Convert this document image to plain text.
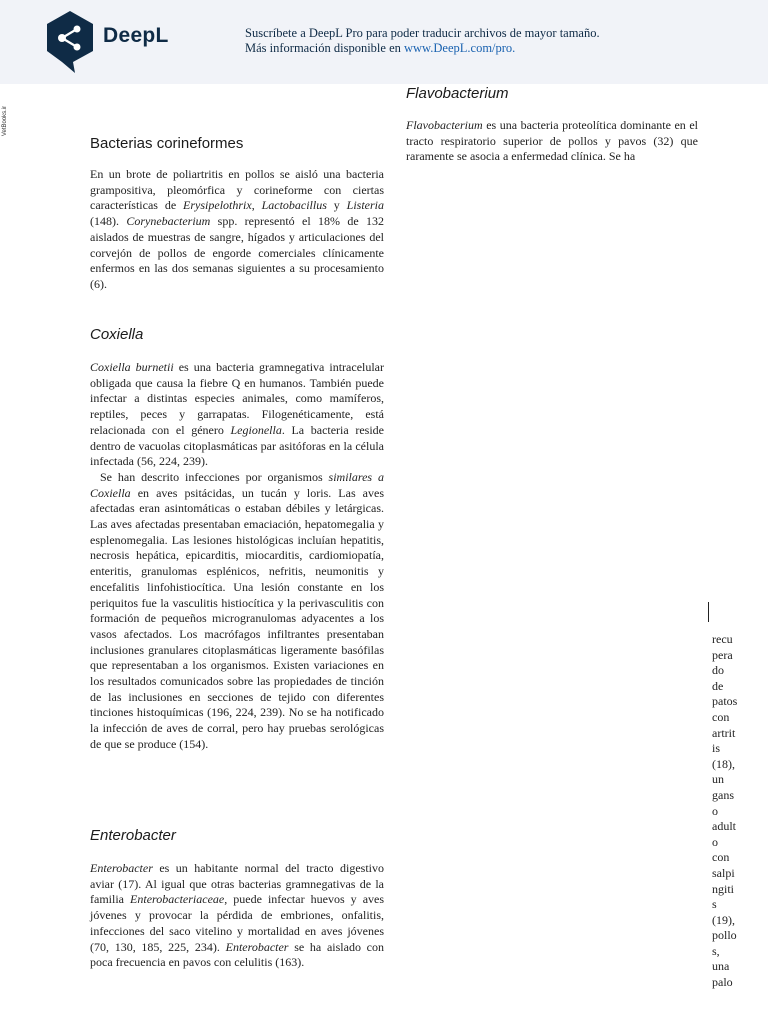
DeepL	Suscríbete a DeepL Pro para poder traducir archivos de mayor tamaño.
Más información disponible en www.DeepL.com/pro.
VetBooks.ir
Bacterias corineformes

En un brote de poliartritis en pollos se aisló una bacteria grampositiva, pleomórfica y corineforme con ciertas características de Erysipelothrix, Lactobacillus y Listeria (148). Corynebacterium spp. representó el 18% de 132 aislados de muestras de sangre, hígados y articulaciones del corvejón de pollos de engorde comerciales clínicamente enfermos en las dos semanas siguientes a su procesamiento (6).

Coxiella

Coxiella burnetii es una bacteria gramnegativa intracelular obligada que causa la fiebre Q en humanos. También puede infectar a distintas especies animales, como mamíferos, reptiles, peces y garrapatas. Filogenéticamente, está relacionada con el género Legionella. La bacteria reside dentro de vacuolas citoplasmáticas par asitóforas en la célula infectada (56, 224, 239).

Se han descrito infecciones por organismos similares a Coxiella en aves psitácidas, un tucán y loris. Las aves afectadas eran asintomáticas o estaban débiles y letárgicas. Las aves afectadas presentaban emaciación, hepatomegalia y esplenomegalia. Las lesiones histológicas incluían hepatitis, necrosis hepática, epicarditis, miocarditis, cardiomiopatía, enteritis, granulomas esplénicos, nefritis, neumonitis y encefalitis linfohistiocítica. Una lesión constante en los periquitos fue la vasculitis histiocítica y la perivasculitis con formación de pequeños microgranulomas adyacentes a los vasos afectados. Los macrófagos infiltrantes presentaban inclusiones granulares citoplasmáticas ligeramente basófilas que representaban a los organismos. Existen variaciones en los resultados comunicados sobre las propiedades de tinción de las inclusiones en secciones de tejido con diferentes tinciones histoquímicas (196, 224, 239). No se ha notificado la infección de aves de corral, pero hay pruebas serológicas de que se produce (154).

Enterobacter

Enterobacter es un habitante normal del tracto digestivo aviar (17). Al igual que otras bacterias gramnegativas de la familia Enterobacteriaceae, puede infectar huevos y aves jóvenes y provocar la pérdida de embriones, onfalitis, infecciones del saco vitelino y mortalidad en aves jóvenes (70, 130, 185, 225, 234). Enterobacter se ha aislado con poca frecuencia en pavos con celulitis (163).

Flavobacterium

Flavobacterium es una bacteria proteolítica dominante en el tracto respiratorio superior de pollos y pavos (32) que raramente se asocia a enfermedad clínica. Se ha

recu
pera
do
de
patos
con
artrit
is
(18),
un
gans
o
adult
o
con
salpi
ngiti
s
(19),
pollo
s,
una
palo
